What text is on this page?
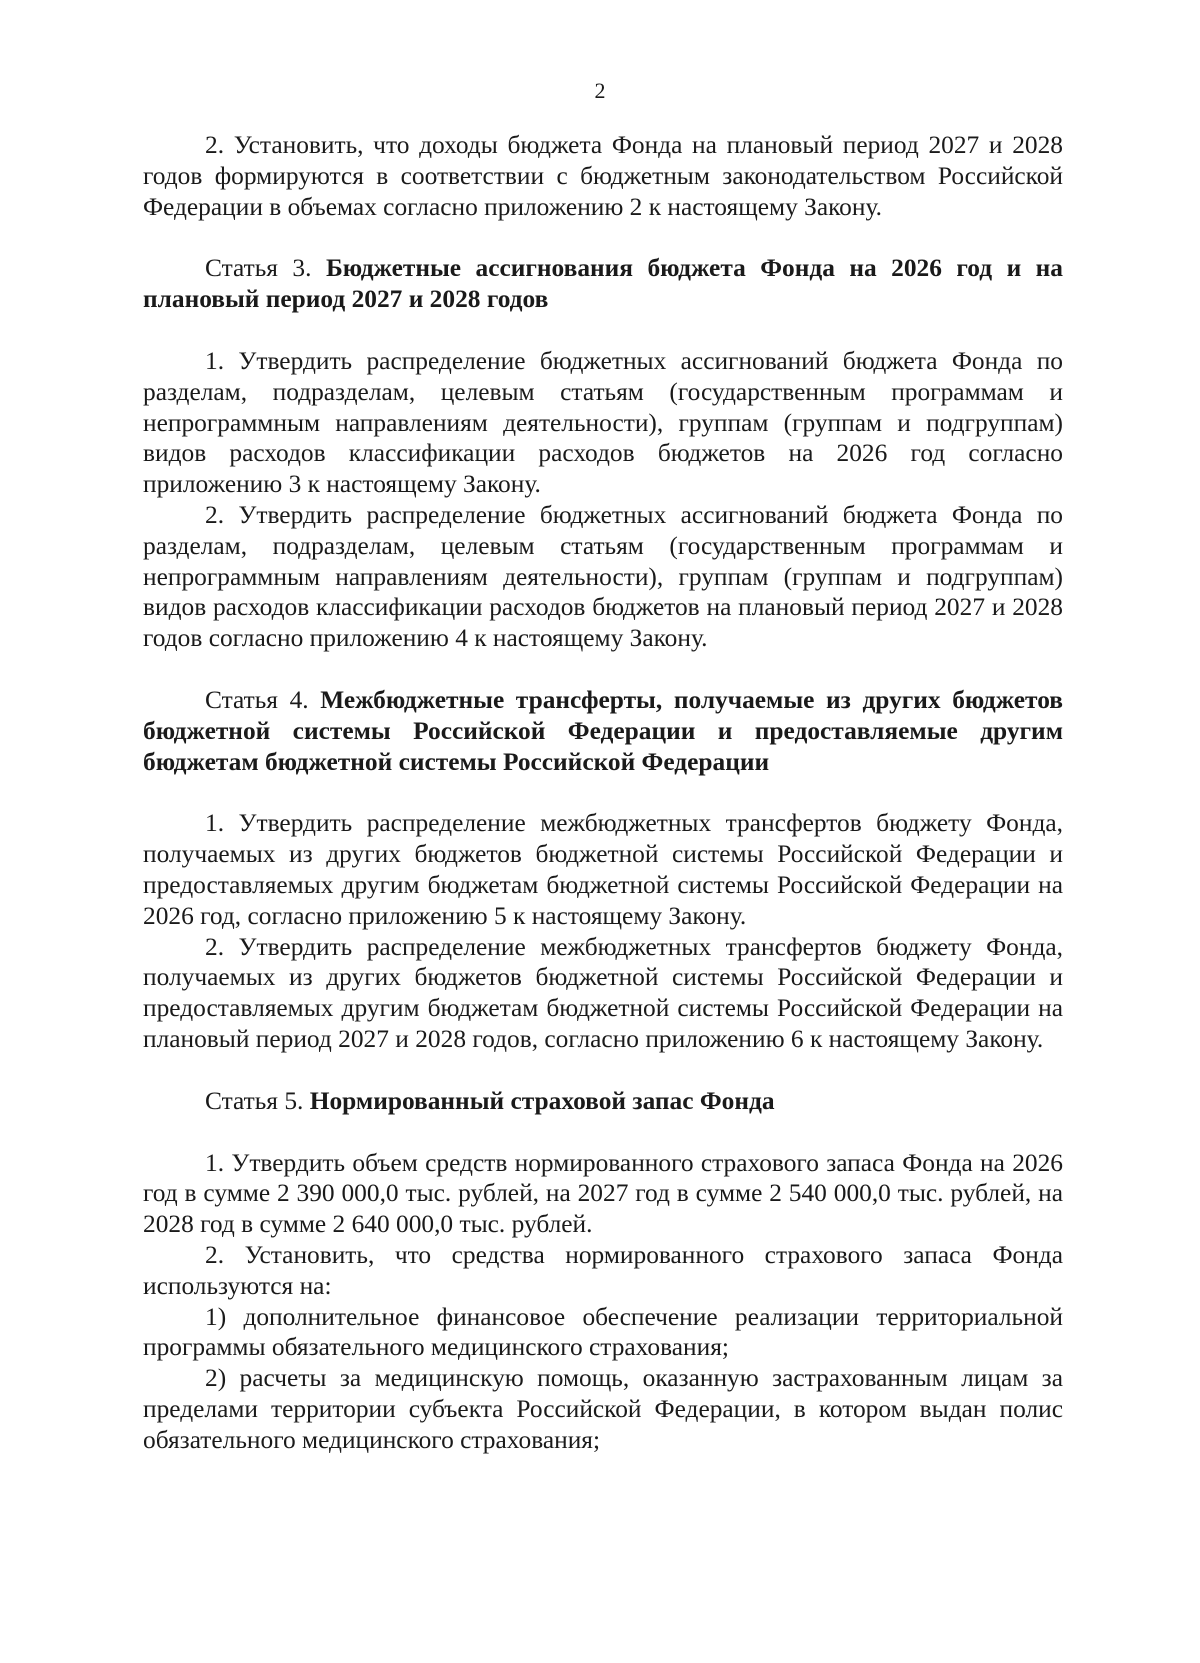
2

2. Установить, что доходы бюджета Фонда на плановый период 2027 и 2028 годов формируются в соответствии с бюджетным законодательством Российской Федерации в объемах согласно приложению 2 к настоящему Закону.

Статья 3. Бюджетные ассигнования бюджета Фонда на 2026 год и на плановый период 2027 и 2028 годов

1. Утвердить распределение бюджетных ассигнований бюджета Фонда по разделам, подразделам, целевым статьям (государственным программам и непрограммным направлениям деятельности), группам (группам и подгруппам) видов расходов классификации расходов бюджетов на 2026 год согласно приложению 3 к настоящему Закону.

2. Утвердить распределение бюджетных ассигнований бюджета Фонда по разделам, подразделам, целевым статьям (государственным программам и непрограммным направлениям деятельности), группам (группам и подгруппам) видов расходов классификации расходов бюджетов на плановый период 2027 и 2028 годов согласно приложению 4 к настоящему Закону.

Статья 4. Межбюджетные трансферты, получаемые из других бюджетов бюджетной системы Российской Федерации и предоставляемые другим бюджетам бюджетной системы Российской Федерации

1. Утвердить распределение межбюджетных трансфертов бюджету Фонда, получаемых из других бюджетов бюджетной системы Российской Федерации и предоставляемых другим бюджетам бюджетной системы Российской Федерации на 2026 год, согласно приложению 5 к настоящему Закону.

2. Утвердить распределение межбюджетных трансфертов бюджету Фонда, получаемых из других бюджетов бюджетной системы Российской Федерации и предоставляемых другим бюджетам бюджетной системы Российской Федерации на плановый период 2027 и 2028 годов, согласно приложению 6 к настоящему Закону.

Статья 5. Нормированный страховой запас Фонда

1. Утвердить объем средств нормированного страхового запаса Фонда на 2026 год в сумме 2 390 000,0 тыс. рублей, на 2027 год в сумме 2 540 000,0 тыс. рублей, на 2028 год в сумме 2 640 000,0 тыс. рублей.

2. Установить, что средства нормированного страхового запаса Фонда используются на:

1) дополнительное финансовое обеспечение реализации территориальной программы обязательного медицинского страхования;

2) расчеты за медицинскую помощь, оказанную застрахованным лицам за пределами территории субъекта Российской Федерации, в котором выдан полис обязательного медицинского страхования;
